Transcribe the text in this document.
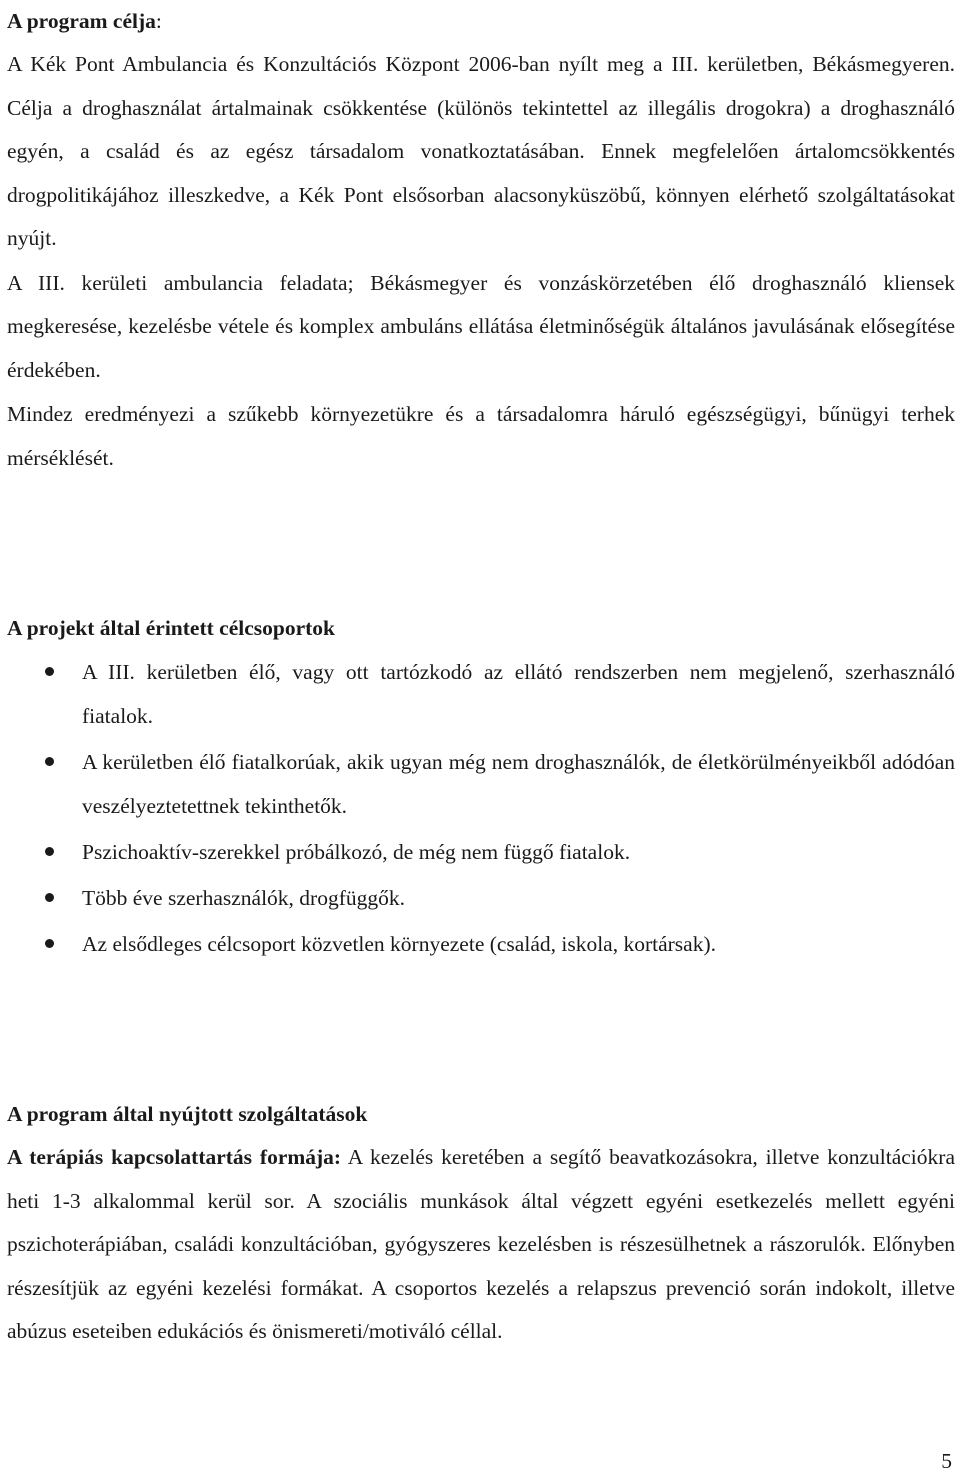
A program célja:

A Kék Pont Ambulancia és Konzultációs Központ 2006-ban nyílt meg a III. kerületben, Békásmegyeren. Célja a droghasználat ártalmainak csökkentése (különös tekintettel az illegális drogokra) a droghasználó egyén, a család és az egész társadalom vonatkoztatásában. Ennek megfelelően ártalomcsökkentés drogpolitikájához illeszkedve, a Kék Pont elsősorban alacsonyküszöbű, könnyen elérhető szolgáltatásokat nyújt.

A III. kerületi ambulancia feladata; Békásmegyer és vonzáskörzetében élő droghasználó kliensek megkeresése, kezelésbe vétele és komplex ambuláns ellátása életminőségük általános javulásának elősegítése érdekében.

Mindez eredményezi a szűkebb környezetükre és a társadalomra háruló egészségügyi, bűnügyi terhek mérséklését.

A projekt által érintett célcsoportok

A III. kerületben élő, vagy ott tartózkodó az ellátó rendszerben nem megjelenő, szerhasználó fiatalok.
A kerületben élő fiatalkorúak, akik ugyan még nem droghasználók, de életkörülményeikből adódóan veszélyeztetettnek tekinthetők.
Pszichoaktív-szerekkel próbálkozó, de még nem függő fiatalok.
Több éve szerhasználók, drogfüggők.
Az elsődleges célcsoport közvetlen környezete (család, iskola, kortársak).

A program által nyújtott szolgáltatások

A terápiás kapcsolattartás formája: A kezelés keretében a segítő beavatkozásokra, illetve konzultációkra heti 1-3 alkalommal kerül sor. A szociális munkások által végzett egyéni esetkezelés mellett egyéni pszichoterápiában, családi konzultációban, gyógyszeres kezelésben is részesülhetnek a rászorulók. Előnyben részesítjük az egyéni kezelési formákat. A csoportos kezelés a relapszus prevenció során indokolt, illetve abúzus eseteiben edukációs és önismereti/motiváló céllal.

5
